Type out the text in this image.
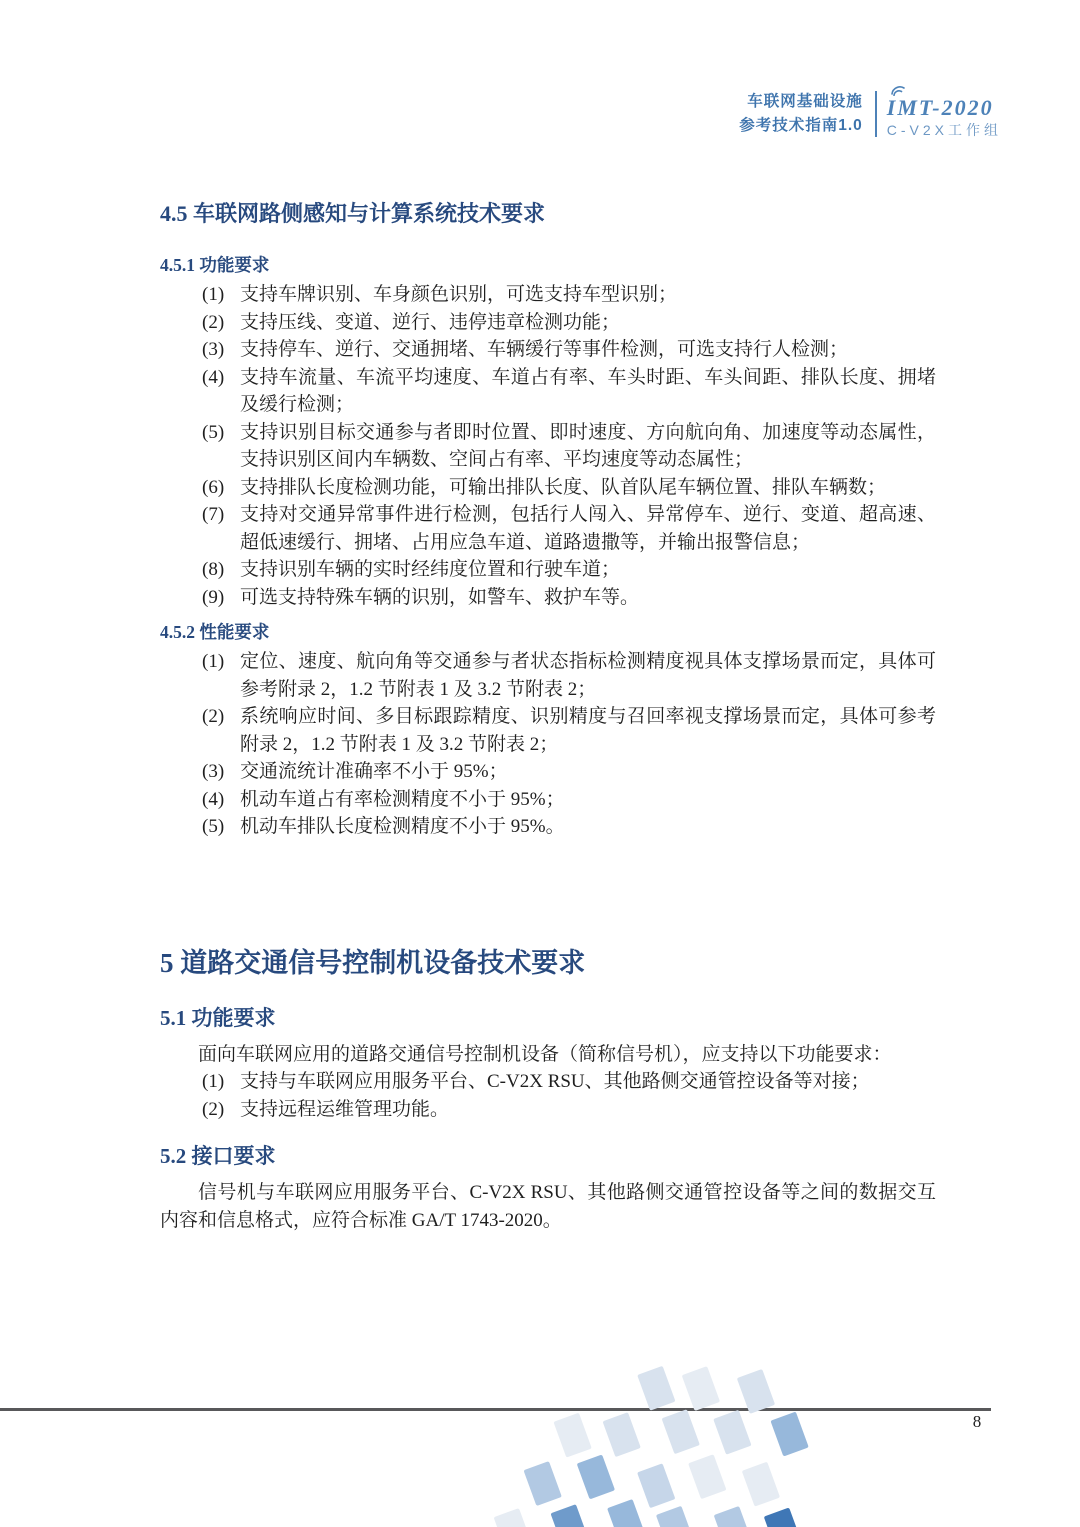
车联网基础设施
参考技术指南1.0
IMT-2020
C-V2X工作组
4.5 车联网路侧感知与计算系统技术要求
4.5.1 功能要求
(1) 支持车牌识别、车身颜色识别，可选支持车型识别；
(2) 支持压线、变道、逆行、违停违章检测功能；
(3) 支持停车、逆行、交通拥堵、车辆缓行等事件检测，可选支持行人检测；
(4) 支持车流量、车流平均速度、车道占有率、车头时距、车头间距、排队长度、拥堵及缓行检测；
(5) 支持识别目标交通参与者即时位置、即时速度、方向航向角、加速度等动态属性，支持识别区间内车辆数、空间占有率、平均速度等动态属性；
(6) 支持排队长度检测功能，可输出排队长度、队首队尾车辆位置、排队车辆数；
(7) 支持对交通异常事件进行检测，包括行人闯入、异常停车、逆行、变道、超高速、超低速缓行、拥堵、占用应急车道、道路遗撒等，并输出报警信息；
(8) 支持识别车辆的实时经纬度位置和行驶车道；
(9) 可选支持特殊车辆的识别，如警车、救护车等。
4.5.2 性能要求
(1) 定位、速度、航向角等交通参与者状态指标检测精度视具体支撑场景而定，具体可参考附录 2，1.2 节附表 1 及 3.2 节附表 2；
(2) 系统响应时间、多目标跟踪精度、识别精度与召回率视支撑场景而定，具体可参考附录 2，1.2 节附表 1 及 3.2 节附表 2；
(3) 交通流统计准确率不小于 95%；
(4) 机动车道占有率检测精度不小于 95%；
(5) 机动车排队长度检测精度不小于 95%。
5 道路交通信号控制机设备技术要求
5.1 功能要求

面向车联网应用的道路交通信号控制机设备（简称信号机），应支持以下功能要求：

(1) 支持与车联网应用服务平台、C-V2X RSU、其他路侧交通管控设备等对接；
(2) 支持远程运维管理功能。
5.2 接口要求

信号机与车联网应用服务平台、C-V2X RSU、其他路侧交通管控设备等之间的数据交互内容和信息格式，应符合标准 GA/T 1743-2020。

8
